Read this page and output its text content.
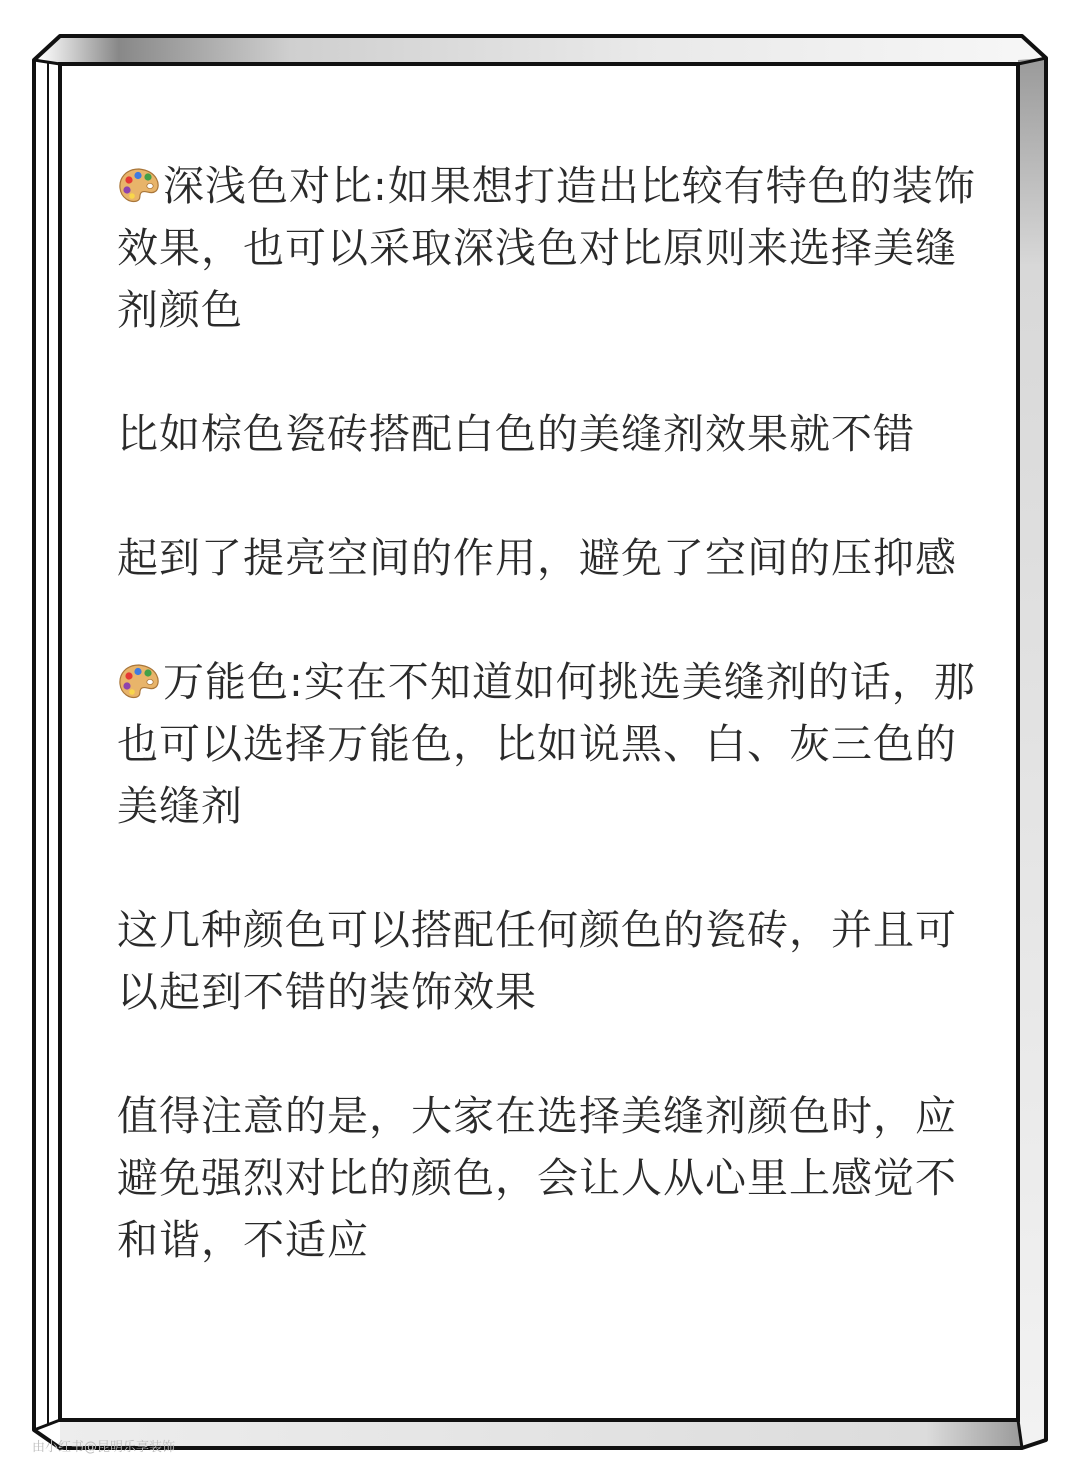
深浅色对比:如果想打造出比较有特色的装饰效果，也可以采取深浅色对比原则来选择美缝剂颜色

比如棕色瓷砖搭配白色的美缝剂效果就不错

起到了提亮空间的作用，避免了空间的压抑感

万能色:实在不知道如何挑选美缝剂的话，那也可以选择万能色，比如说黑、白、灰三色的美缝剂

这几种颜色可以搭配任何颜色的瓷砖，并且可以起到不错的装饰效果

值得注意的是，大家在选择美缝剂颜色时，应避免强烈对比的颜色，会让人从心里上感觉不和谐，不适应

由小红书@昆明乐享装饰
